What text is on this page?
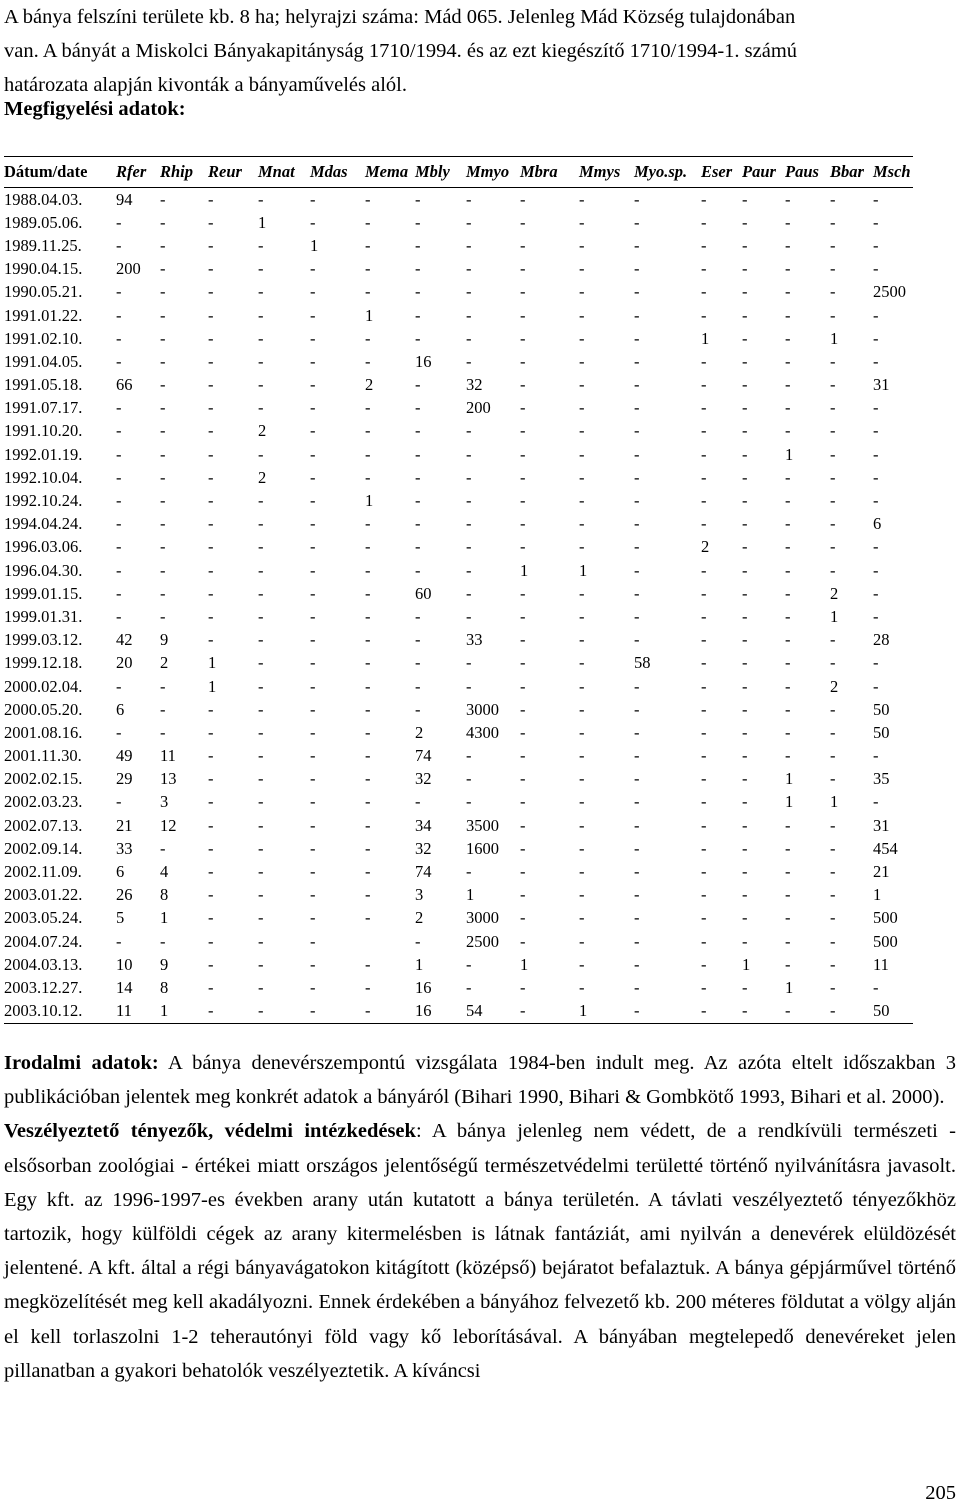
A bánya felszíni területe kb. 8 ha; helyrajzi száma: Mád 065. Jelenleg Mád Község tulajdonában
van. A bányát a Miskolci Bányakapitányság 1710/1994. és az ezt kiegészítő 1710/1994-1. számú
határozata alapján kivonták a bányaművelés alól.
Megfigyelési adatok:
Dátum/date	Rfer	Rhip	Reur	Mnat	Mdas	Mema	Mbly	Mmyo	Mbra	Mmys	Myo.sp.	Eser	Paur	Paus	Bbar	Msch
1988.04.03.	94	-	-	-	-	-	-	-	-	-	-	-	-	-	-	-
1989.05.06.	-	-	-	1	-	-	-	-	-	-	-	-	-	-	-	-
1989.11.25.	-	-	-	-	1	-	-	-	-	-	-	-	-	-	-	-
1990.04.15.	200	-	-	-	-	-	-	-	-	-	-	-	-	-	-	-
1990.05.21.	-	-	-	-	-	-	-	-	-	-	-	-	-	-	-	2500
1991.01.22.	-	-	-	-	-	1	-	-	-	-	-	-	-	-	-	-
1991.02.10.	-	-	-	-	-	-	-	-	-	-	-	1	-	-	1	-
1991.04.05.	-	-	-	-	-	-	16	-	-	-	-	-	-	-	-	-
1991.05.18.	66	-	-	-	-	2	-	32	-	-	-	-	-	-	-	31
1991.07.17.	-	-	-	-	-	-	-	200	-	-	-	-	-	-	-	-
1991.10.20.	-	-	-	2	-	-	-	-	-	-	-	-	-	-	-	-
1992.01.19.	-	-	-	-	-	-	-	-	-	-	-	-	-	1	-	-
1992.10.04.	-	-	-	2	-	-	-	-	-	-	-	-	-	-	-	-
1992.10.24.	-	-	-	-	-	1	-	-	-	-	-	-	-	-	-	-
1994.04.24.	-	-	-	-	-	-	-	-	-	-	-	-	-	-	-	6
1996.03.06.	-	-	-	-	-	-	-	-	-	-	-	2	-	-	-	-
1996.04.30.	-	-	-	-	-	-	-	-	1	1	-	-	-	-	-	-
1999.01.15.	-	-	-	-	-	-	60	-	-	-	-	-	-	-	2	-
1999.01.31.	-	-	-	-	-	-	-	-	-	-	-	-	-	-	1	-
1999.03.12.	42	9	-	-	-	-	-	33	-	-	-	-	-	-	-	28
1999.12.18.	20	2	1	-	-	-	-	-	-	-	58	-	-	-	-	-
2000.02.04.	-	-	1	-	-	-	-	-	-	-	-	-	-	-	2	-
2000.05.20.	6	-	-	-	-	-	-	3000	-	-	-	-	-	-	-	50
2001.08.16.	-	-	-	-	-	-	2	4300	-	-	-	-	-	-	-	50
2001.11.30.	49	11	-	-	-	-	74	-	-	-	-	-	-	-	-	-
2002.02.15.	29	13	-	-	-	-	32	-	-	-	-	-	-	1	-	35
2002.03.23.	-	3	-	-	-	-	-	-	-	-	-	-	-	1	1	-
2002.07.13.	21	12	-	-	-	-	34	3500	-	-	-	-	-	-	-	31
2002.09.14.	33	-	-	-	-	-	32	1600	-	-	-	-	-	-	-	454
2002.11.09.	6	4	-	-	-	-	74	-	-	-	-	-	-	-	-	21
2003.01.22.	26	8	-	-	-	-	3	1	-	-	-	-	-	-	-	1
2003.05.24.	5	1	-	-	-	-	2	3000	-	-	-	-	-	-	-	500
2004.07.24.	-	-	-	-	-		-	2500	-	-	-	-	-	-	-	500
2004.03.13.	10	9	-	-	-	-	1	-	1	-	-	-	1	-	-	11
2003.12.27.	14	8	-	-	-	-	16	-	-	-	-	-	-	1	-	-
2003.10.12.	11	1	-	-	-	-	16	54	-	1	-	-	-	-	-	50

Irodalmi adatok: A bánya denevérszempontú vizsgálata 1984-ben indult meg. Az azóta eltelt időszakban 3 publikációban jelentek meg konkrét adatok a bányáról (Bihari 1990, Bihari & Gombkötő 1993, Bihari et al. 2000).

Veszélyeztető tényezők, védelmi intézkedések: A bánya jelenleg nem védett, de a rendkívüli természeti - elsősorban zoológiai - értékei miatt országos jelentőségű természetvédelmi területté történő nyilvánításra javasolt. Egy kft. az 1996-1997-es években arany után kutatott a bánya területén. A távlati veszélyeztető tényezőkhöz tartozik, hogy külföldi cégek az arany kitermelésben is látnak fantáziát, ami nyilván a denevérek elüldözését jelentené. A kft. által a régi bányavágatokon kitágított (középső) bejáratot befalaztuk. A bánya gépjárművel történő megközelítését meg kell akadályozni. Ennek érdekében a bányához felvezető kb. 200 méteres földutat a völgy alján el kell torlaszolni 1-2 teherautónyi föld vagy kő leborításával. A bányában megtelepedő denevéreket jelen pillanatban a gyakori behatolók veszélyeztetik. A kíváncsi

205
